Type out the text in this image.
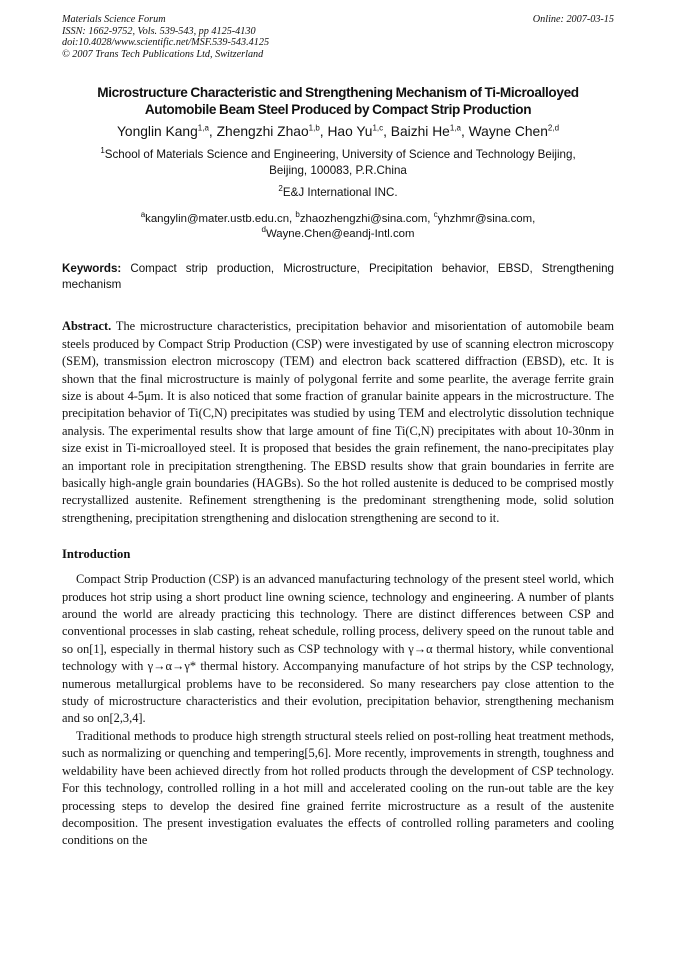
Materials Science Forum
ISSN: 1662-9752, Vols. 539-543, pp 4125-4130
doi:10.4028/www.scientific.net/MSF.539-543.4125
© 2007 Trans Tech Publications Ltd, Switzerland
Online: 2007-03-15
Microstructure Characteristic and Strengthening Mechanism of Ti-Microalloyed
Automobile Beam Steel Produced by Compact Strip Production
Yonglin Kang$^{1,a}$, Zhengzhi Zhao$^{1,b}$, Hao Yu$^{1,c}$, Baizhi He$^{1,a}$, Wayne Chen$^{2,d}$
$^1$School of Materials Science and Engineering, University of Science and Technology Beijing,
Beijing, 100083, P.R.China
$^2$E&J International INC.
$^a$kangylin@mater.ustb.edu.cn, $^b$zhaozhengzhi@sina.com, $^c$yhzhmr@sina.com,
$^d$Wayne.Chen@eandj-Intl.com
Keywords: Compact strip production, Microstructure, Precipitation behavior, EBSD, Strengthening mechanism
Abstract. The microstructure characteristics, precipitation behavior and misorientation of automobile beam steels produced by Compact Strip Production (CSP) were investigated by use of scanning electron microscopy (SEM), transmission electron microscopy (TEM) and electron back scattered diffraction (EBSD), etc. It is shown that the final microstructure is mainly of polygonal ferrite and some pearlite, the average ferrite grain size is about 4-5μm. It is also noticed that some fraction of granular bainite appears in the microstructure. The precipitation behavior of Ti(C,N) precipitates was studied by using TEM and electrolytic dissolution technique analysis. The experimental results show that large amount of fine Ti(C,N) precipitates with about 10-30nm in size exist in Ti-microalloyed steel. It is proposed that besides the grain refinement, the nano-precipitates play an important role in precipitation strengthening. The EBSD results show that grain boundaries in ferrite are basically high-angle grain boundaries (HAGBs). So the hot rolled austenite is deduced to be comprised mostly recrystallized austenite. Refinement strengthening is the predominant strengthening mode, solid solution strengthening, precipitation strengthening and dislocation strengthening are second to it.
Introduction
Compact Strip Production (CSP) is an advanced manufacturing technology of the present steel world, which produces hot strip using a short product line owning science, technology and engineering. A number of plants around the world are already practicing this technology. There are distinct differences between CSP and conventional processes in slab casting, reheat schedule, rolling process, delivery speed on the runout table and so on[1], especially in thermal history such as CSP technology with γ→α thermal history, while conventional technology with γ→α→γ* thermal history. Accompanying manufacture of hot strips by the CSP technology, numerous metallurgical problems have to be reconsidered. So many researchers pay close attention to the study of microstructure characteristics and their evolution, precipitation behavior, strengthening mechanism and so on[2,3,4].
Traditional methods to produce high strength structural steels relied on post-rolling heat treatment methods, such as normalizing or quenching and tempering[5,6]. More recently, improvements in strength, toughness and weldability have been achieved directly from hot rolled products through the development of CSP technology. For this technology, controlled rolling in a hot mill and accelerated cooling on the run-out table are the key processing steps to develop the desired fine grained ferrite microstructure as a result of the austenite decomposition. The present investigation evaluates the effects of controlled rolling parameters and cooling conditions on the
